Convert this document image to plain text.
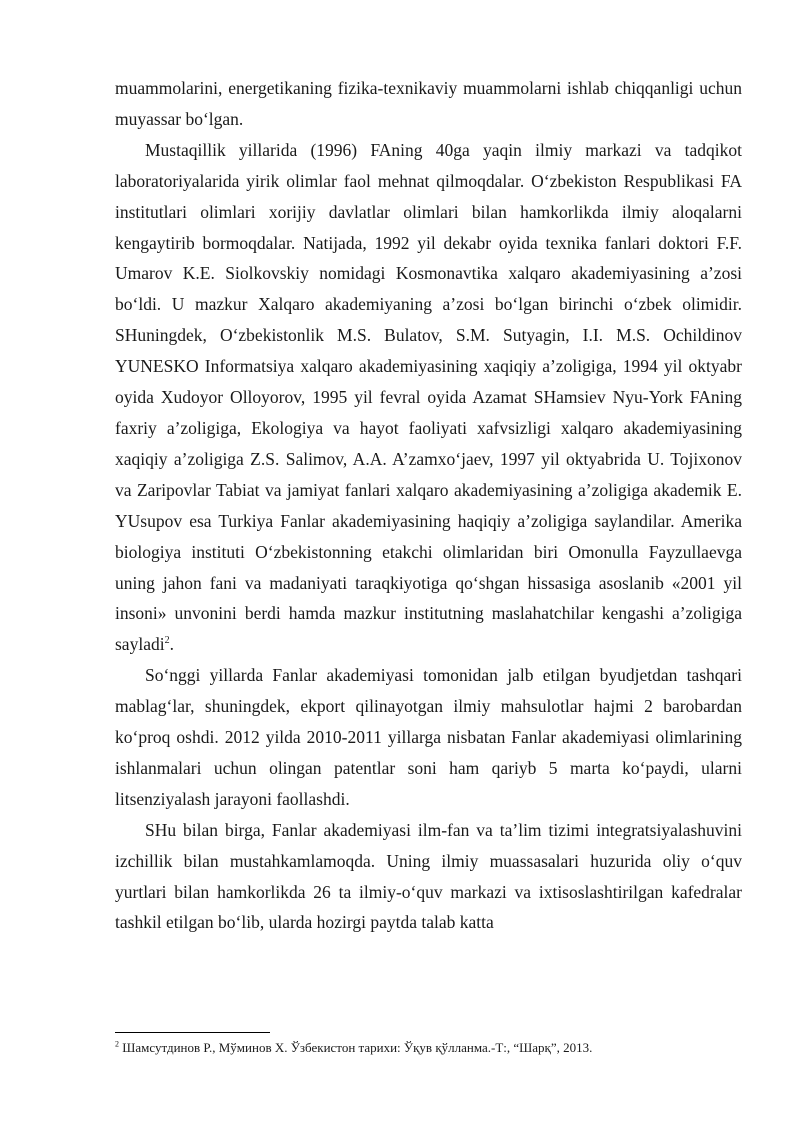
muammolarini, energetikaning fizika-texnikaviy muammolarni ishlab chiqqanligi uchun muyassar bo‘lgan.

Mustaqillik yillarida (1996) FAning 40ga yaqin ilmiy markazi va tadqikot laboratoriyalarida yirik olimlar faol mehnat qilmoqdalar. O‘zbekiston Respublikasi FA institutlari olimlari xorijiy davlatlar olimlari bilan hamkorlikda ilmiy aloqalarni kengaytirib bormoqdalar. Natijada, 1992 yil dekabr oyida texnika fanlari doktori F.F. Umarov K.E. Siolkovskiy nomidagi Kosmonavtika xalqaro akademiyasining a’zosi bo‘ldi. U mazkur Xalqaro akademiyaning a’zosi bo‘lgan birinchi o‘zbek olimidir. SHuningdek, O‘zbekistonlik M.S. Bulatov, S.M. Sutyagin, I.I. M.S. Ochildinov YUNESKO Informatsiya xalqaro akademiyasining xaqiqiy a’zoligiga, 1994 yil oktyabr oyida Xudoyor Olloyorov, 1995 yil fevral oyida Azamat SHamsiev Nyu-York FAning faxriy a’zoligiga, Ekologiya va hayot faoliyati xafvsizligi xalqaro akademiyasining xaqiqiy a’zoligiga Z.S. Salimov, A.A. A’zamxo‘jaev, 1997 yil oktyabrida U. Tojixonov va Zaripovlar Tabiat va jamiyat fanlari xalqaro akademiyasining a’zoligiga akademik E. YUsupov esa Turkiya Fanlar akademiyasining haqiqiy a’zoligiga saylandilar. Amerika biologiya instituti O‘zbekistonning etakchi olimlaridan biri Omonulla Fayzullaevga uning jahon fani va madaniyati taraqkiyotiga qo‘shgan hissasiga asoslanib «2001 yil insoni» unvonini berdi hamda mazkur institutning maslahatchilar kengashi a’zoligiga sayladi$^2$.

So‘nggi yillarda Fanlar akademiyasi tomonidan jalb etilgan byudjetdan tashqari mablag‘lar, shuningdek, ekport qilinayotgan ilmiy mahsulotlar hajmi 2 barobardan ko‘proq oshdi. 2012 yilda 2010-2011 yillarga nisbatan Fanlar akademiyasi olimlarining ishlanmalari uchun olingan patentlar soni ham qariyb 5 marta ko‘paydi, ularni litsenziyalash jarayoni faollashdi.

SHu bilan birga, Fanlar akademiyasi ilm-fan va ta’lim tizimi integratsiyalashuvini izchillik bilan mustahkamlamoqda. Uning ilmiy muassasalari huzurida oliy o‘quv yurtlari bilan hamkorlikda 26 ta ilmiy-o‘quv markazi va ixtisoslashtirilgan kafedralar tashkil etilgan bo‘lib, ularda hozirgi paytda talab katta

$^2$ Шамсутдинов Р., Мўминов Х. Ўзбекистон тарихи: Ўқув қўлланма.-Т:, “Шарқ”, 2013.
